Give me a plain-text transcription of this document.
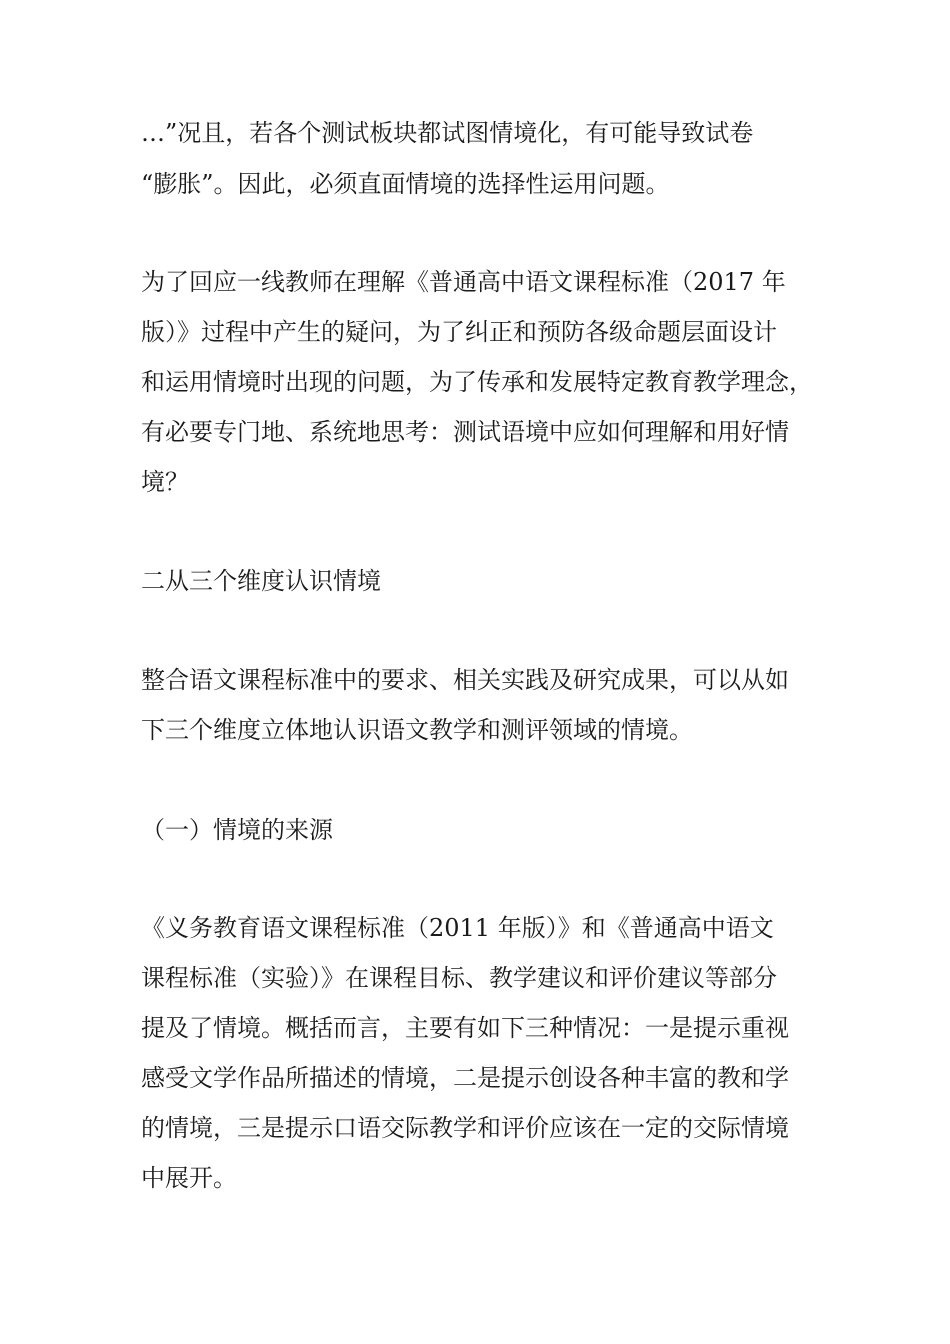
…”况且，若各个测试板块都试图情境化，有可能导致试卷
“膨胀”。因此，必须直面情境的选择性运用问题。
为了回应一线教师在理解《普通高中语文课程标准（2017 年
版）》过程中产生的疑问，为了纠正和预防各级命题层面设计
和运用情境时出现的问题，为了传承和发展特定教育教学理念，
有必要专门地、系统地思考：测试语境中应如何理解和用好情
境？
二从三个维度认识情境
整合语文课程标准中的要求、相关实践及研究成果，可以从如
下三个维度立体地认识语文教学和测评领域的情境。
（一）情境的来源
《义务教育语文课程标准（2011 年版）》和《普通高中语文
课程标准（实验）》在课程目标、教学建议和评价建议等部分
提及了情境。概括而言，主要有如下三种情况：一是提示重视
感受文学作品所描述的情境，二是提示创设各种丰富的教和学
的情境，三是提示口语交际教学和评价应该在一定的交际情境
中展开。
